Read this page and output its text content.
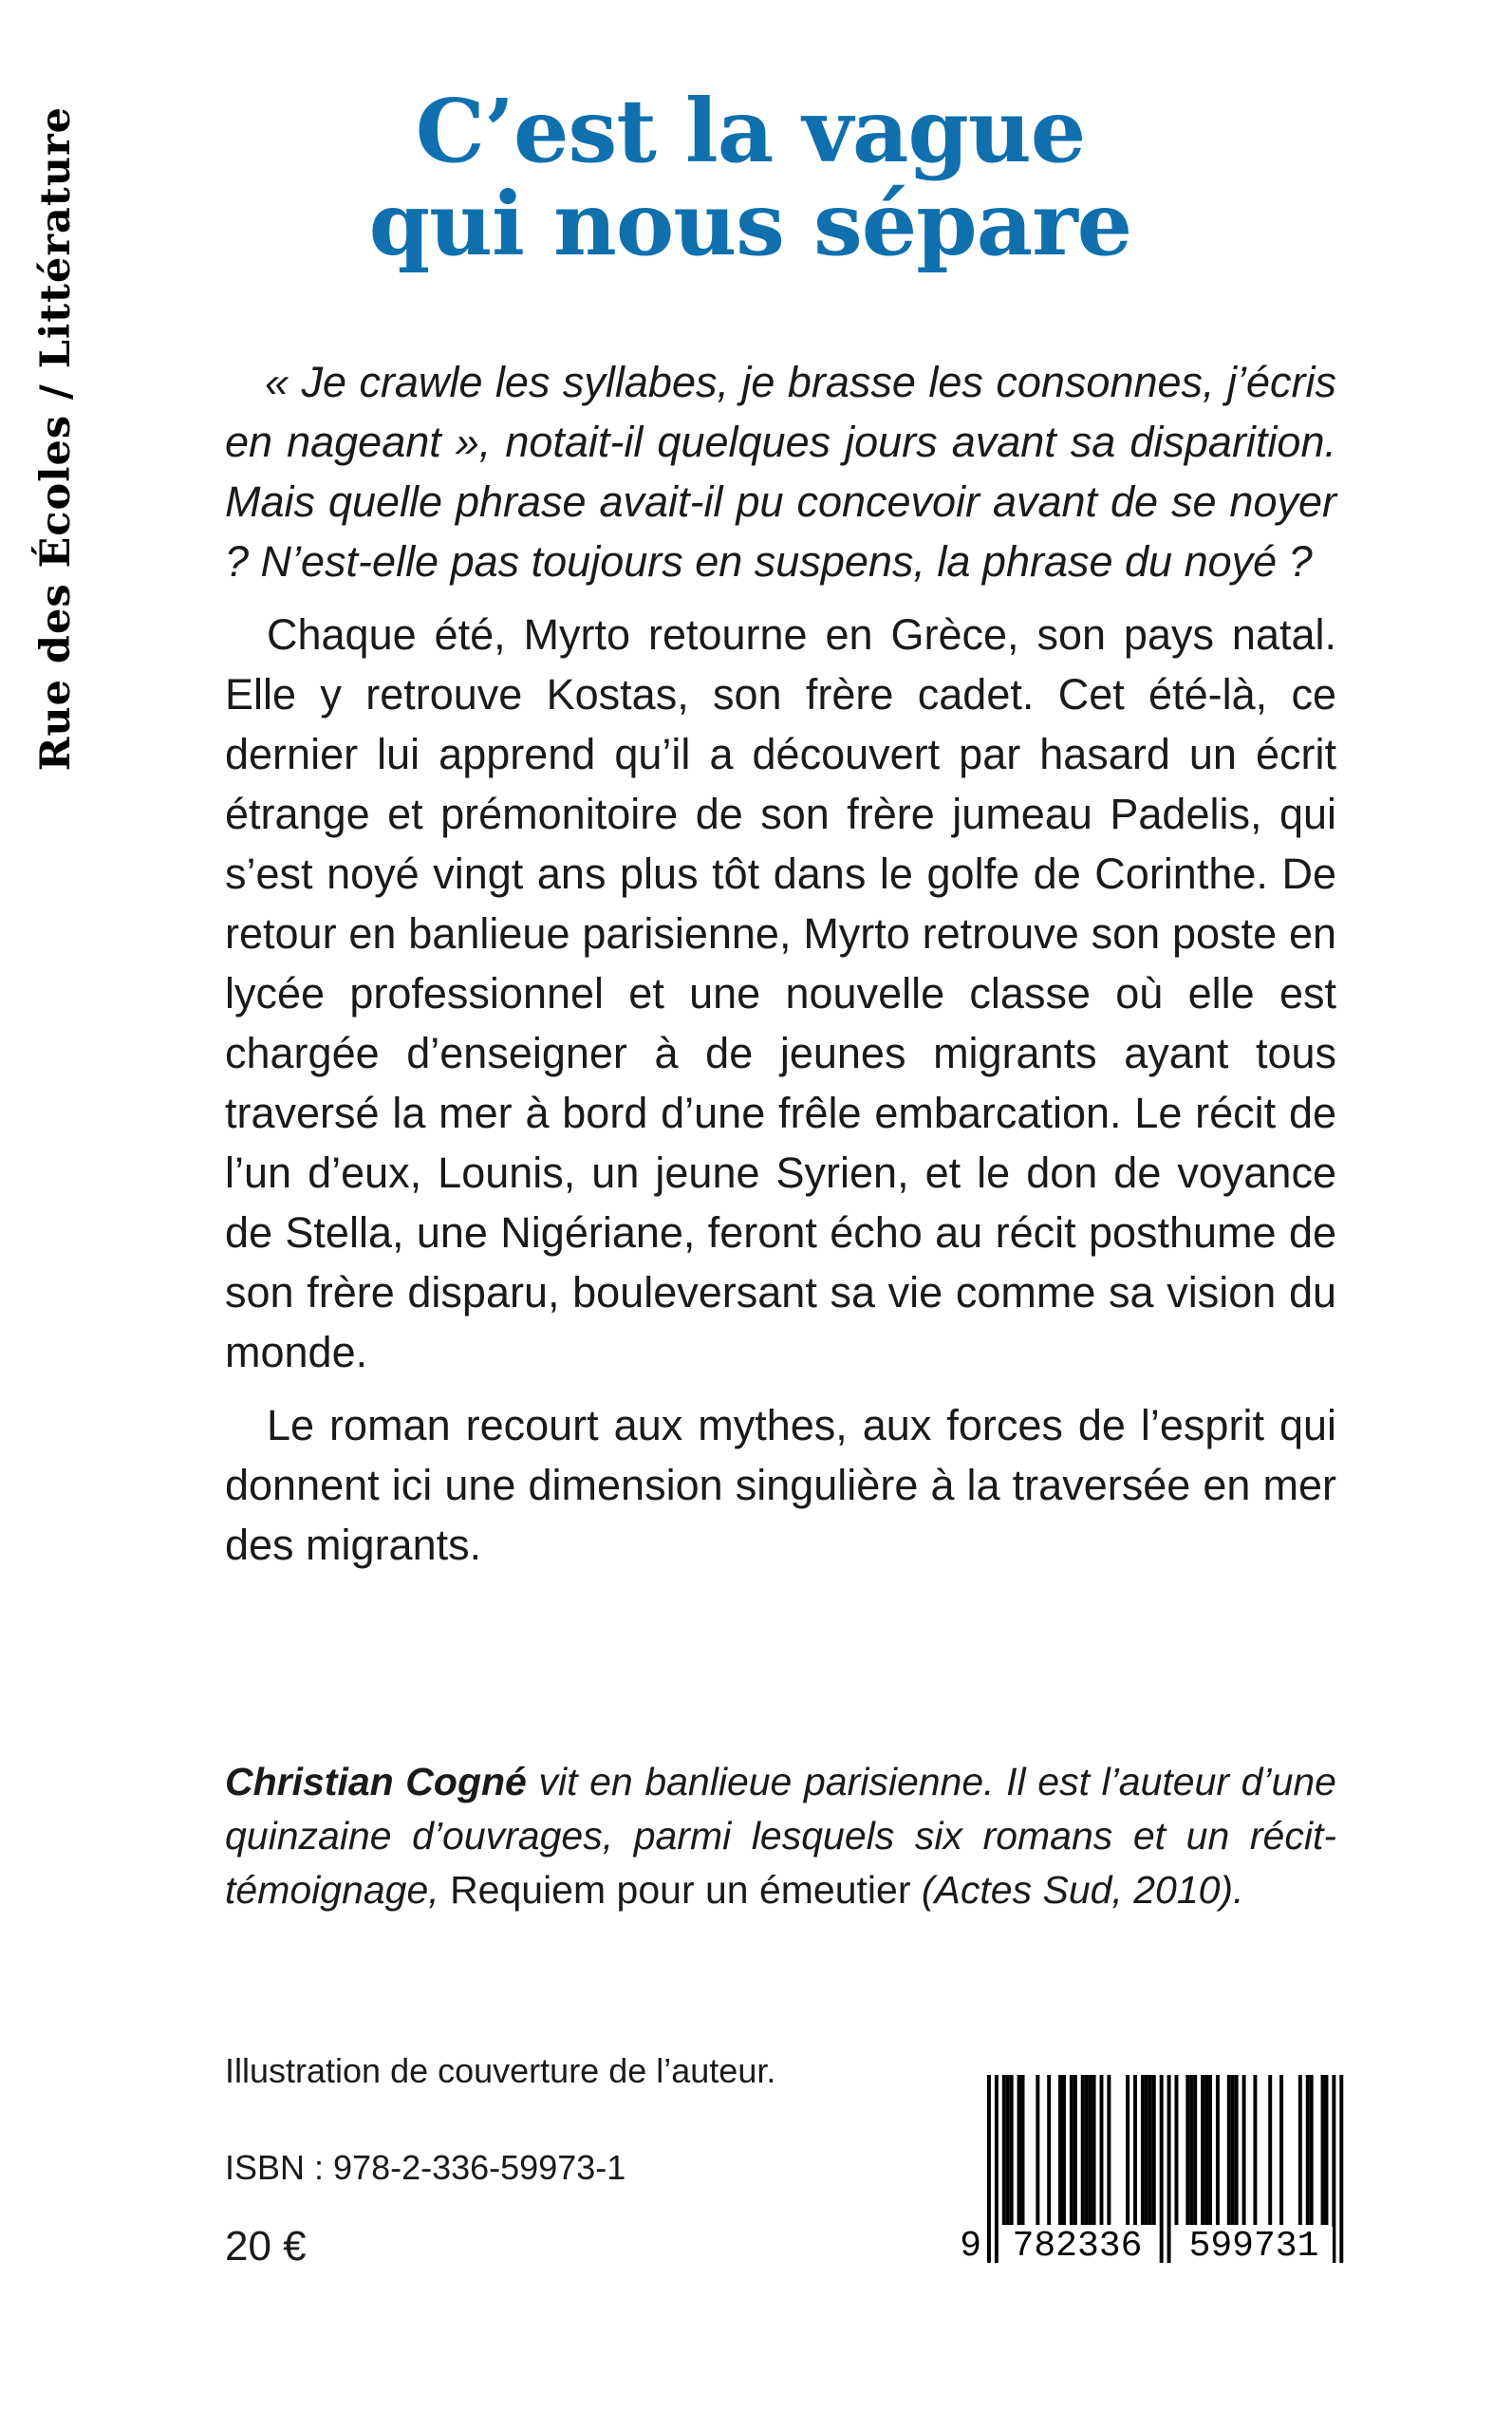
Rue des Écoles / Littérature	C’est la vague
qui nous sépare

« Je crawle les syllabes, je brasse les consonnes, j’écris en nageant », notait-il quelques jours avant sa disparition. Mais quelle phrase avait-il pu concevoir avant de se noyer ? N’est-elle pas toujours en suspens, la phrase du noyé ?

Chaque été, Myrto retourne en Grèce, son pays natal. Elle y retrouve Kostas, son frère cadet. Cet été-là, ce dernier lui apprend qu’il a découvert par hasard un écrit étrange et prémonitoire de son frère jumeau Padelis, qui s’est noyé vingt ans plus tôt dans le golfe de Corinthe. De retour en banlieue parisienne, Myrto retrouve son poste en lycée professionnel et une nouvelle classe où elle est chargée d’enseigner à de jeunes migrants ayant tous traversé la mer à bord d’une frêle embarcation. Le récit de l’un d’eux, Lounis, un jeune Syrien, et le don de voyance de Stella, une Nigériane, feront écho au récit posthume de son frère disparu, bouleversant sa vie comme sa vision du monde.

Le roman recourt aux mythes, aux forces de l’esprit qui donnent ici une dimension singulière à la traversée en mer des migrants.

Christian Cogné vit en banlieue parisienne. Il est l’auteur d’une quinzaine d’ouvrages, parmi lesquels six romans et un récit-témoignage, Requiem pour un émeutier (Actes Sud, 2010).

Illustration de couverture de l’auteur.

ISBN : 978-2-336-59973-1

20 €	9 782336	599731
